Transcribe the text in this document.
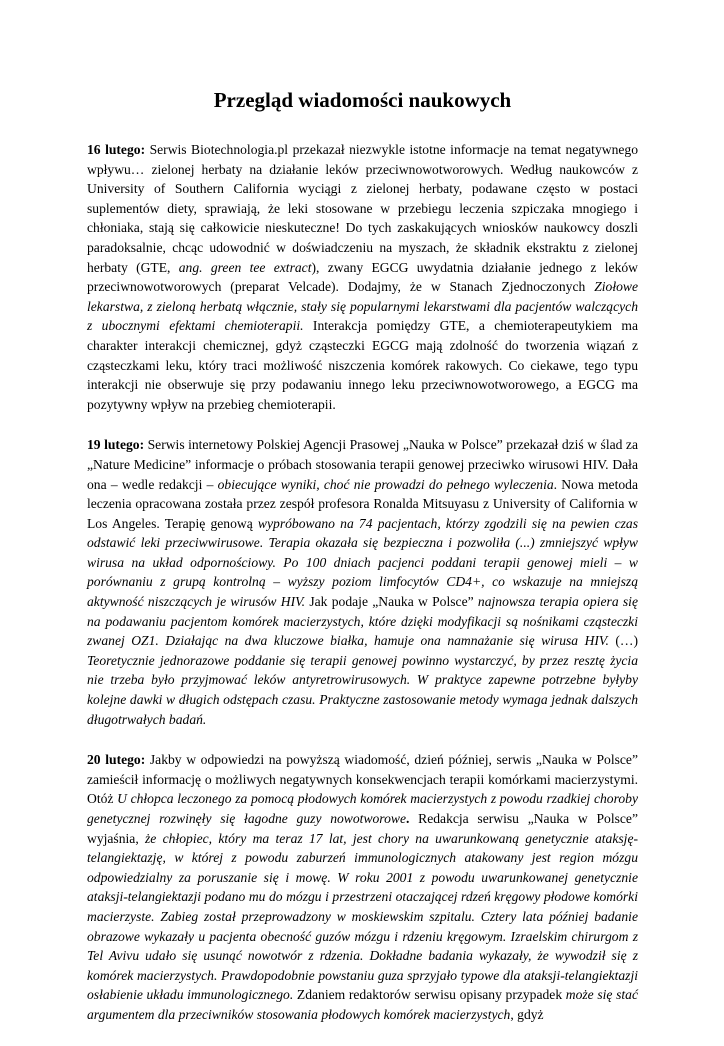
Przegląd wiadomości naukowych

16 lutego: Serwis Biotechnologia.pl przekazał niezwykle istotne informacje na temat negatywnego wpływu… zielonej herbaty na działanie leków przeciwnowotworowych. Według naukowców z University of Southern California wyciągi z zielonej herbaty, podawane często w postaci suplementów diety, sprawiają, że leki stosowane w przebiegu leczenia szpiczaka mnogiego i chłoniaka, stają się całkowicie nieskuteczne! Do tych zaskakujących wniosków naukowcy doszli paradoksalnie, chcąc udowodnić w doświadczeniu na myszach, że składnik ekstraktu z zielonej herbaty (GTE, ang. green tee extract), zwany EGCG uwydatnia działanie jednego z leków przeciwnowotworowych (preparat Velcade). Dodajmy, że w Stanach Zjednoczonych Ziołowe lekarstwa, z zieloną herbatą włącznie, stały się popularnymi lekarstwami dla pacjentów walczących z ubocznymi efektami chemioterapii. Interakcja pomiędzy GTE, a chemioterapeutykiem ma charakter interakcji chemicznej, gdyż cząsteczki EGCG mają zdolność do tworzenia wiązań z cząsteczkami leku, który traci możliwość niszczenia komórek rakowych. Co ciekawe, tego typu interakcji nie obserwuje się przy podawaniu innego leku przeciwnowotworowego, a EGCG ma pozytywny wpływ na przebieg chemioterapii.

19 lutego: Serwis internetowy Polskiej Agencji Prasowej „Nauka w Polsce” przekazał dziś w ślad za „Nature Medicine” informacje o próbach stosowania terapii genowej przeciwko wirusowi HIV. Dała ona – wedle redakcji – obiecujące wyniki, choć nie prowadzi do pełnego wyleczenia. Nowa metoda leczenia opracowana została przez zespół profesora Ronalda Mitsuyasu z University of California w Los Angeles. Terapię genową wypróbowano na 74 pacjentach, którzy zgodzili się na pewien czas odstawić leki przeciwwirusowe. Terapia okazała się bezpieczna i pozwoliła (...) zmniejszyć wpływ wirusa na układ odpornościowy. Po 100 dniach pacjenci poddani terapii genowej mieli – w porównaniu z grupą kontrolną – wyższy poziom limfocytów CD4+, co wskazuje na mniejszą aktywność niszczących je wirusów HIV. Jak podaje „Nauka w Polsce” najnowsza terapia opiera się na podawaniu pacjentom komórek macierzystych, które dzięki modyfikacji są nośnikami cząsteczki zwanej OZ1. Działając na dwa kluczowe białka, hamuje ona namnażanie się wirusa HIV. (…) Teoretycznie jednorazowe poddanie się terapii genowej powinno wystarczyć, by przez resztę życia nie trzeba było przyjmować leków antyretrowirusowych. W praktyce zapewne potrzebne byłyby kolejne dawki w długich odstępach czasu. Praktyczne zastosowanie metody wymaga jednak dalszych długotrwałych badań.

20 lutego: Jakby w odpowiedzi na powyższą wiadomość, dzień później, serwis „Nauka w Polsce” zamieścił informację o możliwych negatywnych konsekwencjach terapii komórkami macierzystymi. Otóż U chłopca leczonego za pomocą płodowych komórek macierzystych z powodu rzadkiej choroby genetycznej rozwinęły się łagodne guzy nowotworowe. Redakcja serwisu „Nauka w Polsce” wyjaśnia, że chłopiec, który ma teraz 17 lat, jest chory na uwarunkowaną genetycznie ataksję-telangiektazję, w której z powodu zaburzeń immunologicznych atakowany jest region mózgu odpowiedzialny za poruszanie się i mowę. W roku 2001 z powodu uwarunkowanej genetycznie ataksji-telangiektazji podano mu do mózgu i przestrzeni otaczającej rdzeń kręgowy płodowe komórki macierzyste. Zabieg został przeprowadzony w moskiewskim szpitalu. Cztery lata później badanie obrazowe wykazały u pacjenta obecność guzów mózgu i rdzeniu kręgowym. Izraelskim chirurgom z Tel Avivu udało się usunąć nowotwór z rdzenia. Dokładne badania wykazały, że wywodził się z komórek macierzystych. Prawdopodobnie powstaniu guza sprzyjało typowe dla ataksji-telangiektazji osłabienie układu immunologicznego. Zdaniem redaktorów serwisu opisany przypadek może się stać argumentem dla przeciwników stosowania płodowych komórek macierzystych, gdyż
